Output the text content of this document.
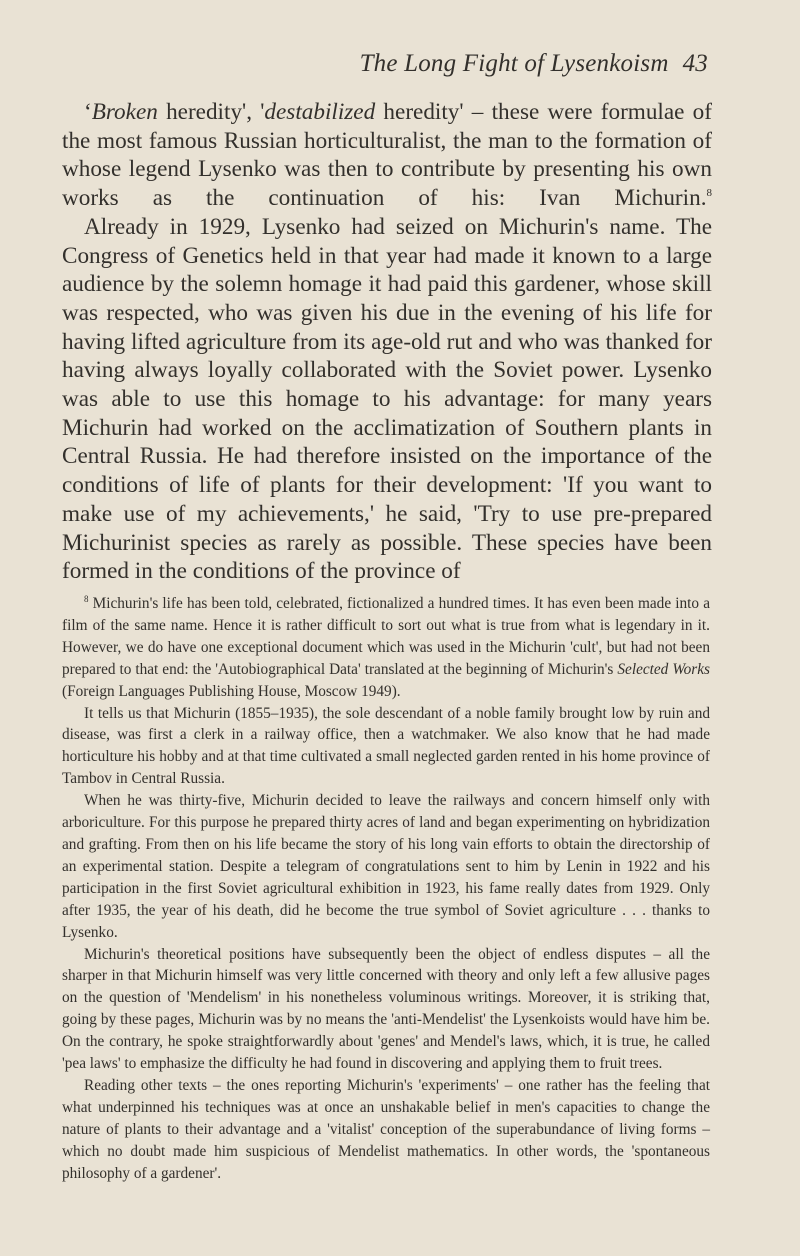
The Long Fight of Lysenkoism 43

‘Broken heredity', 'destabilized heredity' – these were formulae of the most famous Russian horticulturalist, the man to the formation of whose legend Lysenko was then to contribute by presenting his own works as the continuation of his: Ivan Michurin.$^8$

Already in 1929, Lysenko had seized on Michurin's name. The Congress of Genetics held in that year had made it known to a large audience by the solemn homage it had paid this gardener, whose skill was respected, who was given his due in the evening of his life for having lifted agriculture from its age-old rut and who was thanked for having always loyally collaborated with the Soviet power. Lysenko was able to use this homage to his advantage: for many years Michurin had worked on the acclimatization of Southern plants in Central Russia. He had therefore insisted on the importance of the conditions of life of plants for their development: 'If you want to make use of my achievements,' he said, 'Try to use pre-prepared Michurinist species as rarely as possible. These species have been formed in the conditions of the province of

$^8$ Michurin's life has been told, celebrated, fictionalized a hundred times. It has even been made into a film of the same name. Hence it is rather difficult to sort out what is true from what is legendary in it. However, we do have one exceptional document which was used in the Michurin 'cult', but had not been prepared to that end: the 'Autobiographical Data' translated at the beginning of Michurin's Selected Works (Foreign Languages Publishing House, Moscow 1949).

It tells us that Michurin (1855–1935), the sole descendant of a noble family brought low by ruin and disease, was first a clerk in a railway office, then a watchmaker. We also know that he had made horticulture his hobby and at that time cultivated a small neglected garden rented in his home province of Tambov in Central Russia.

When he was thirty-five, Michurin decided to leave the railways and concern himself only with arboriculture. For this purpose he prepared thirty acres of land and began experimenting on hybridization and grafting. From then on his life became the story of his long vain efforts to obtain the directorship of an experimental station. Despite a telegram of congratulations sent to him by Lenin in 1922 and his participation in the first Soviet agricultural exhibition in 1923, his fame really dates from 1929. Only after 1935, the year of his death, did he become the true symbol of Soviet agriculture . . . thanks to Lysenko.

Michurin's theoretical positions have subsequently been the object of endless disputes – all the sharper in that Michurin himself was very little concerned with theory and only left a few allusive pages on the question of 'Mendelism' in his nonetheless voluminous writings. Moreover, it is striking that, going by these pages, Michurin was by no means the 'anti-Mendelist' the Lysenkoists would have him be. On the contrary, he spoke straightforwardly about 'genes' and Mendel's laws, which, it is true, he called 'pea laws' to emphasize the difficulty he had found in discovering and applying them to fruit trees.

Reading other texts – the ones reporting Michurin's 'experiments' – one rather has the feeling that what underpinned his techniques was at once an unshakable belief in men's capacities to change the nature of plants to their advantage and a 'vitalist' conception of the superabundance of living forms – which no doubt made him suspicious of Mendelist mathematics. In other words, the 'spontaneous philosophy of a gardener'.
